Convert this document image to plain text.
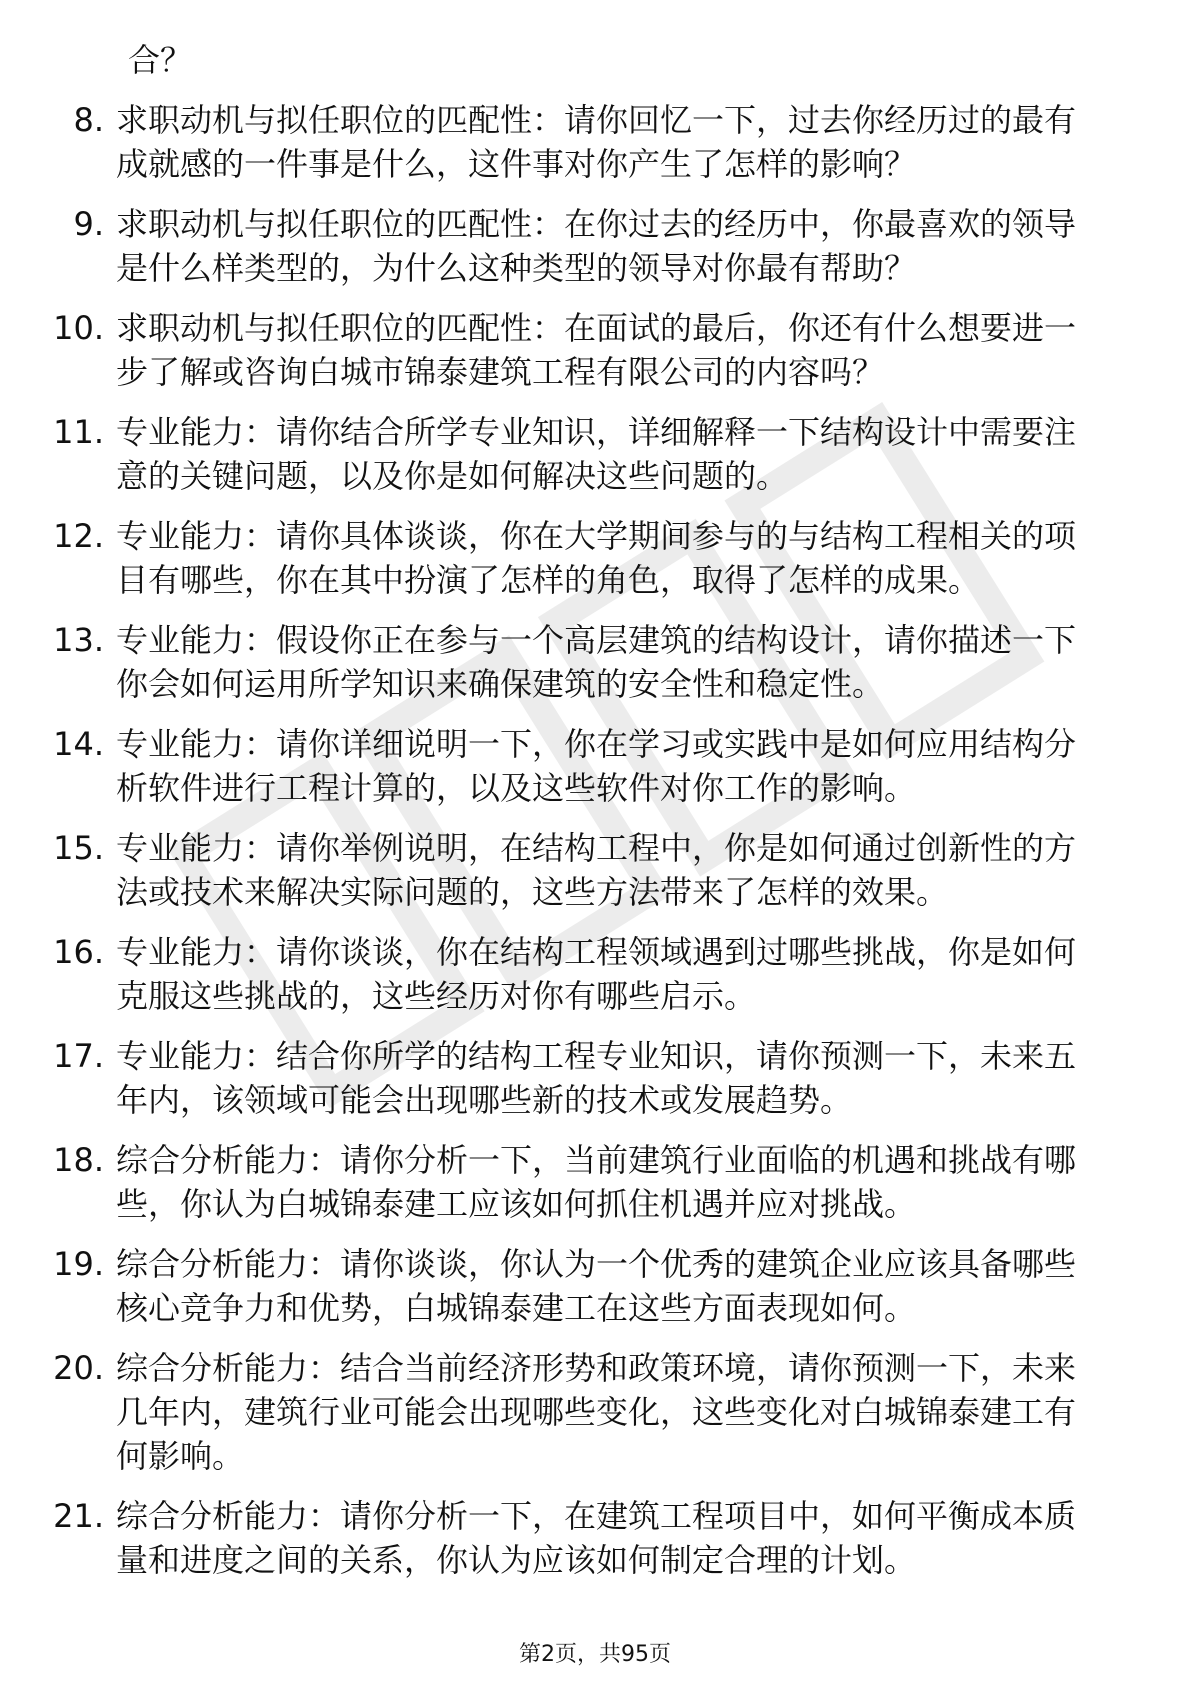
合？
8. 求职动机与拟任职位的匹配性：请你回忆一下，过去你经历过的最有成就感的一件事是什么，这件事对你产生了怎样的影响？
9. 求职动机与拟任职位的匹配性：在你过去的经历中，你最喜欢的领导是什么样类型的，为什么这种类型的领导对你最有帮助？
10. 求职动机与拟任职位的匹配性：在面试的最后，你还有什么想要进一步了解或咨询白城市锦泰建筑工程有限公司的内容吗？
11. 专业能力：请你结合所学专业知识，详细解释一下结构设计中需要注意的关键问题，以及你是如何解决这些问题的。
12. 专业能力：请你具体谈谈，你在大学期间参与的与结构工程相关的项目有哪些，你在其中扮演了怎样的角色，取得了怎样的成果。
13. 专业能力：假设你正在参与一个高层建筑的结构设计，请你描述一下你会如何运用所学知识来确保建筑的安全性和稳定性。
14. 专业能力：请你详细说明一下，你在学习或实践中是如何应用结构分析软件进行工程计算的，以及这些软件对你工作的影响。
15. 专业能力：请你举例说明，在结构工程中，你是如何通过创新性的方法或技术来解决实际问题的，这些方法带来了怎样的效果。
16. 专业能力：请你谈谈，你在结构工程领域遇到过哪些挑战，你是如何克服这些挑战的，这些经历对你有哪些启示。
17. 专业能力：结合你所学的结构工程专业知识，请你预测一下，未来五年内，该领域可能会出现哪些新的技术或发展趋势。
18. 综合分析能力：请你分析一下，当前建筑行业面临的机遇和挑战有哪些，你认为白城锦泰建工应该如何抓住机遇并应对挑战。
19. 综合分析能力：请你谈谈，你认为一个优秀的建筑企业应该具备哪些核心竞争力和优势，白城锦泰建工在这些方面表现如何。
20. 综合分析能力：结合当前经济形势和政策环境，请你预测一下，未来几年内，建筑行业可能会出现哪些变化，这些变化对白城锦泰建工有何影响。
21. 综合分析能力：请你分析一下，在建筑工程项目中，如何平衡成本质量和进度之间的关系，你认为应该如何制定合理的计划。
第2页，共95页
